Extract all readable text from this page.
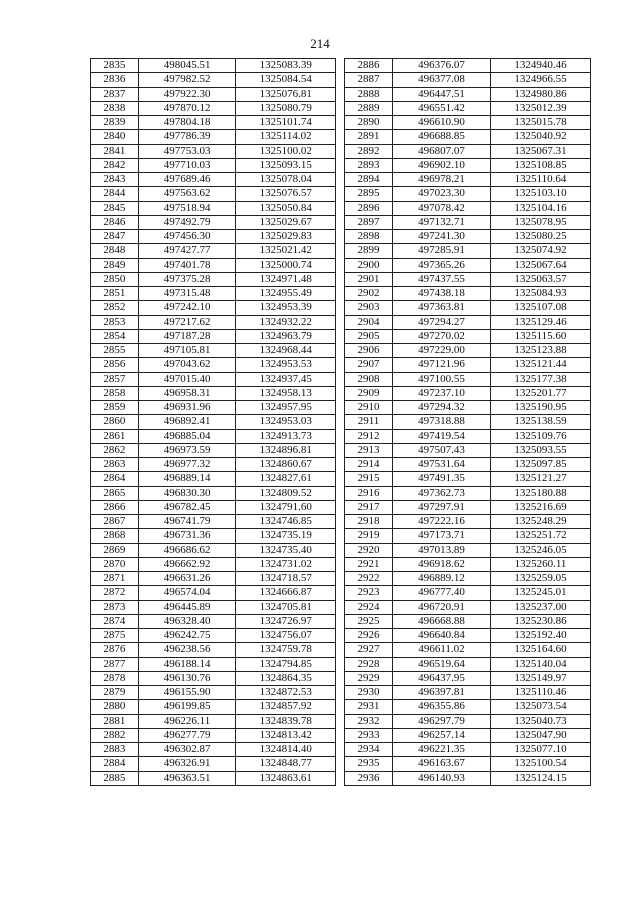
214
2835	498045.51	1325083.39
2836	497982.52	1325084.54
2837	497922.30	1325076.81
2838	497870.12	1325080.79
2839	497804.18	1325101.74
2840	497786.39	1325114.02
2841	497753.03	1325100.02
2842	497710.03	1325093.15
2843	497689.46	1325078.04
2844	497563.62	1325076.57
2845	497518.94	1325050.84
2846	497492.79	1325029.67
2847	497456.30	1325029.83
2848	497427.77	1325021.42
2849	497401.78	1325000.74
2850	497375.28	1324971.48
2851	497315.48	1324955.49
2852	497242.10	1324953.39
2853	497217.62	1324932.22
2854	497187.28	1324963.79
2855	497105.81	1324968.44
2856	497043.62	1324953.53
2857	497015.40	1324937.45
2858	496958.31	1324958.13
2859	496931.96	1324957.95
2860	496892.41	1324953.03
2861	496885.04	1324913.73
2862	496973.59	1324896.81
2863	496977.32	1324860.67
2864	496889.14	1324827.61
2865	496830.30	1324809.52
2866	496782.45	1324791.60
2867	496741.79	1324746.85
2868	496731.36	1324735.19
2869	496686.62	1324735.40
2870	496662.92	1324731.02
2871	496631.26	1324718.57
2872	496574.04	1324666.87
2873	496445.89	1324705.81
2874	496328.40	1324726.97
2875	496242.75	1324756.07
2876	496238.56	1324759.78
2877	496188.14	1324794.85
2878	496130.76	1324864.35
2879	496155.90	1324872.53
2880	496199.85	1324857.92
2881	496226.11	1324839.78
2882	496277.79	1324813.42
2883	496302.87	1324814.40
2884	496326.91	1324848.77
2885	496363.51	1324863.61
2886	496376.07	1324940.46
2887	496377.08	1324966.55
2888	496447.51	1324980.86
2889	496551.42	1325012.39
2890	496610.90	1325015.78
2891	496688.85	1325040.92
2892	496807.07	1325067.31
2893	496902.10	1325108.85
2894	496978.21	1325110.64
2895	497023.30	1325103.10
2896	497078.42	1325104.16
2897	497132.71	1325078.95
2898	497241.30	1325080.25
2899	497285.91	1325074.92
2900	497365.26	1325067.64
2901	497437.55	1325063.57
2902	497438.18	1325084.93
2903	497363.81	1325107.08
2904	497294.27	1325129.46
2905	497270.02	1325115.60
2906	497229.00	1325123.88
2907	497121.96	1325121.44
2908	497100.55	1325177.38
2909	497237.10	1325201.77
2910	497294.32	1325190.95
2911	497318.88	1325138.59
2912	497419.54	1325109.76
2913	497507.43	1325093.55
2914	497531.64	1325097.85
2915	497491.35	1325121.27
2916	497362.73	1325180.88
2917	497297.91	1325216.69
2918	497222.16	1325248.29
2919	497173.71	1325251.72
2920	497013.89	1325246.05
2921	496918.62	1325260.11
2922	496889.12	1325259.05
2923	496777.40	1325245.01
2924	496720.91	1325237.00
2925	496668.88	1325230.86
2926	496640.84	1325192.40
2927	496611.02	1325164.60
2928	496519.64	1325140.04
2929	496437.95	1325149.97
2930	496397.81	1325110.46
2931	496355.86	1325073.54
2932	496297.79	1325040.73
2933	496257.14	1325047.90
2934	496221.35	1325077.10
2935	496163.67	1325100.54
2936	496140.93	1325124.15
